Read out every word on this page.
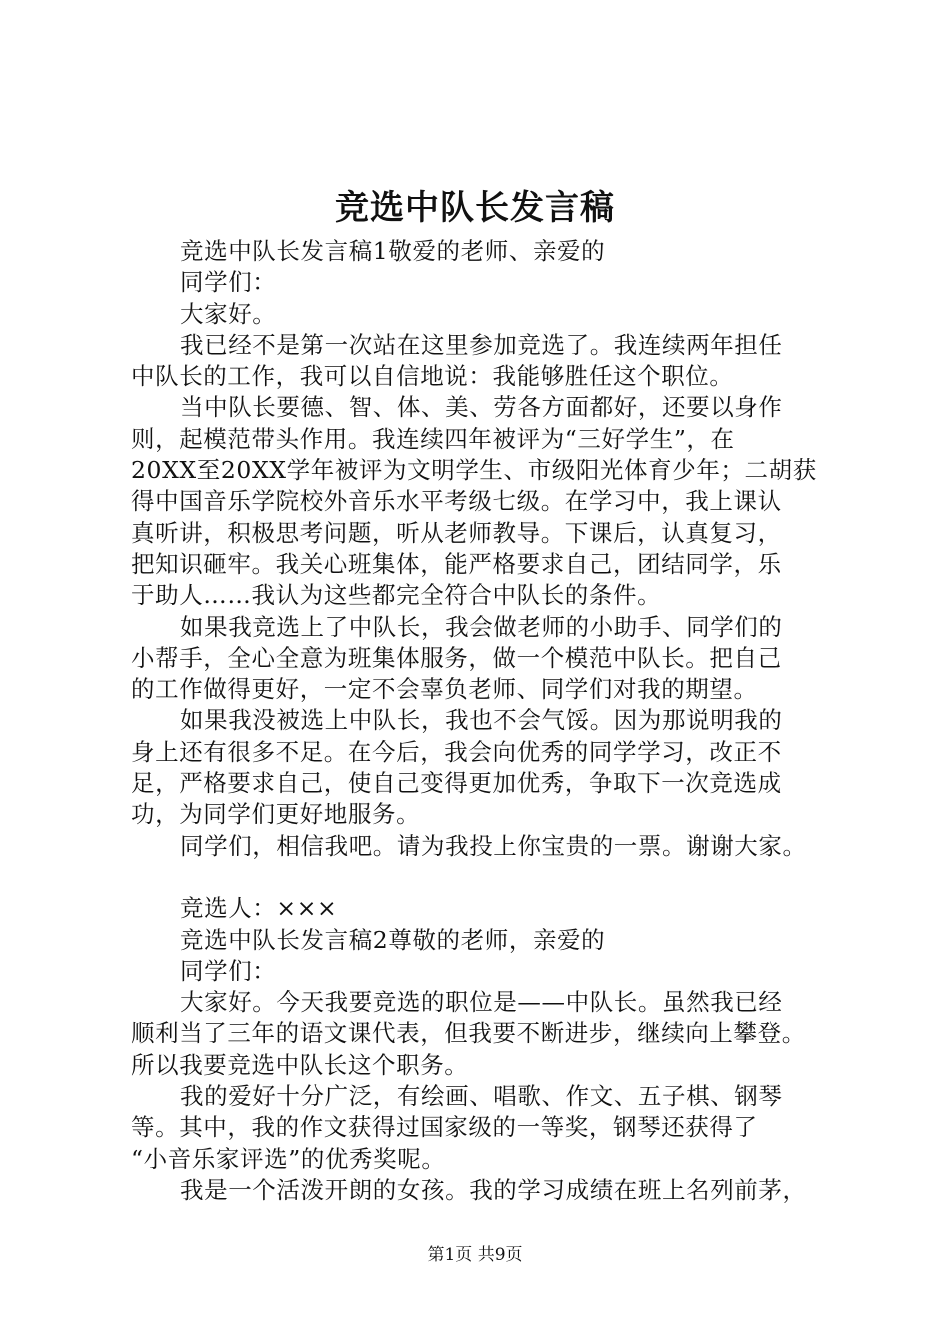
竞选中队长发言稿
竞选中队长发言稿1敬爱的老师、亲爱的
同学们：
大家好。
我已经不是第一次站在这里参加竞选了。我连续两年担任
中队长的工作，我可以自信地说：我能够胜任这个职位。
当中队长要德、智、体、美、劳各方面都好，还要以身作
则，起模范带头作用。我连续四年被评为“三好学生”，在
20XX至20XX学年被评为文明学生、市级阳光体育少年；二胡获
得中国音乐学院校外音乐水平考级七级。在学习中，我上课认
真听讲，积极思考问题，听从老师教导。下课后，认真复习，
把知识砸牢。我关心班集体，能严格要求自己，团结同学，乐
于助人……我认为这些都完全符合中队长的条件。
如果我竞选上了中队长，我会做老师的小助手、同学们的
小帮手，全心全意为班集体服务，做一个模范中队长。把自己
的工作做得更好，一定不会辜负老师、同学们对我的期望。
如果我没被选上中队长，我也不会气馁。因为那说明我的
身上还有很多不足。在今后，我会向优秀的同学学习，改正不
足，严格要求自己，使自己变得更加优秀，争取下一次竞选成
功，为同学们更好地服务。
同学们，相信我吧。请为我投上你宝贵的一票。谢谢大家。
竞选人：×××
竞选中队长发言稿2尊敬的老师，亲爱的
同学们：
大家好。今天我要竞选的职位是——中队长。虽然我已经
顺利当了三年的语文课代表，但我要不断进步，继续向上攀登。
所以我要竞选中队长这个职务。
我的爱好十分广泛，有绘画、唱歌、作文、五子棋、钢琴
等。其中，我的作文获得过国家级的一等奖，钢琴还获得了
“小音乐家评选”的优秀奖呢。
我是一个活泼开朗的女孩。我的学习成绩在班上名列前茅，
第1页 共9页
